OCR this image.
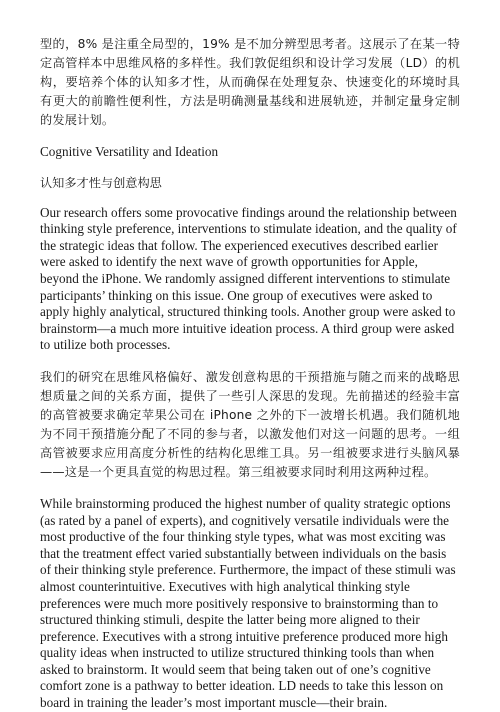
型的，8% 是注重全局型的，19% 是不加分辨型思考者。这展示了在某一特定高管样本中思维风格的多样性。我们敦促组织和设计学习发展（LD）的机构，要培养个体的认知多才性，从而确保在处理复杂、快速变化的环境时具有更大的前瞻性便利性，方法是明确测量基线和进展轨迹，并制定量身定制的发展计划。

Cognitive Versatility and Ideation

认知多才性与创意构思

Our research offers some provocative findings around the relationship between thinking style preference, interventions to stimulate ideation, and the quality of the strategic ideas that follow. The experienced executives described earlier were asked to identify the next wave of growth opportunities for Apple, beyond the iPhone. We randomly assigned different interventions to stimulate participants’ thinking on this issue. One group of executives were asked to apply highly analytical, structured thinking tools. Another group were asked to brainstorm—a much more intuitive ideation process. A third group were asked to utilize both processes.

我们的研究在思维风格偏好、激发创意构思的干预措施与随之而来的战略思想质量之间的关系方面，提供了一些引人深思的发现。先前描述的经验丰富的高管被要求确定苹果公司在 iPhone 之外的下一波增长机遇。我们随机地为不同干预措施分配了不同的参与者，以激发他们对这一问题的思考。一组高管被要求应用高度分析性的结构化思维工具。另一组被要求进行头脑风暴——这是一个更具直觉的构思过程。第三组被要求同时利用这两种过程。

While brainstorming produced the highest number of quality strategic options (as rated by a panel of experts), and cognitively versatile individuals were the most productive of the four thinking style types, what was most exciting was that the treatment effect varied substantially between individuals on the basis of their thinking style preference. Furthermore, the impact of these stimuli was almost counterintuitive. Executives with high analytical thinking style preferences were much more positively responsive to brainstorming than to structured thinking stimuli, despite the latter being more aligned to their preference. Executives with a strong intuitive preference produced more high quality ideas when instructed to utilize structured thinking tools than when asked to brainstorm. It would seem that being taken out of one’s cognitive comfort zone is a pathway to better ideation. LD needs to take this lesson on board in training the leader’s most important muscle—their brain.
